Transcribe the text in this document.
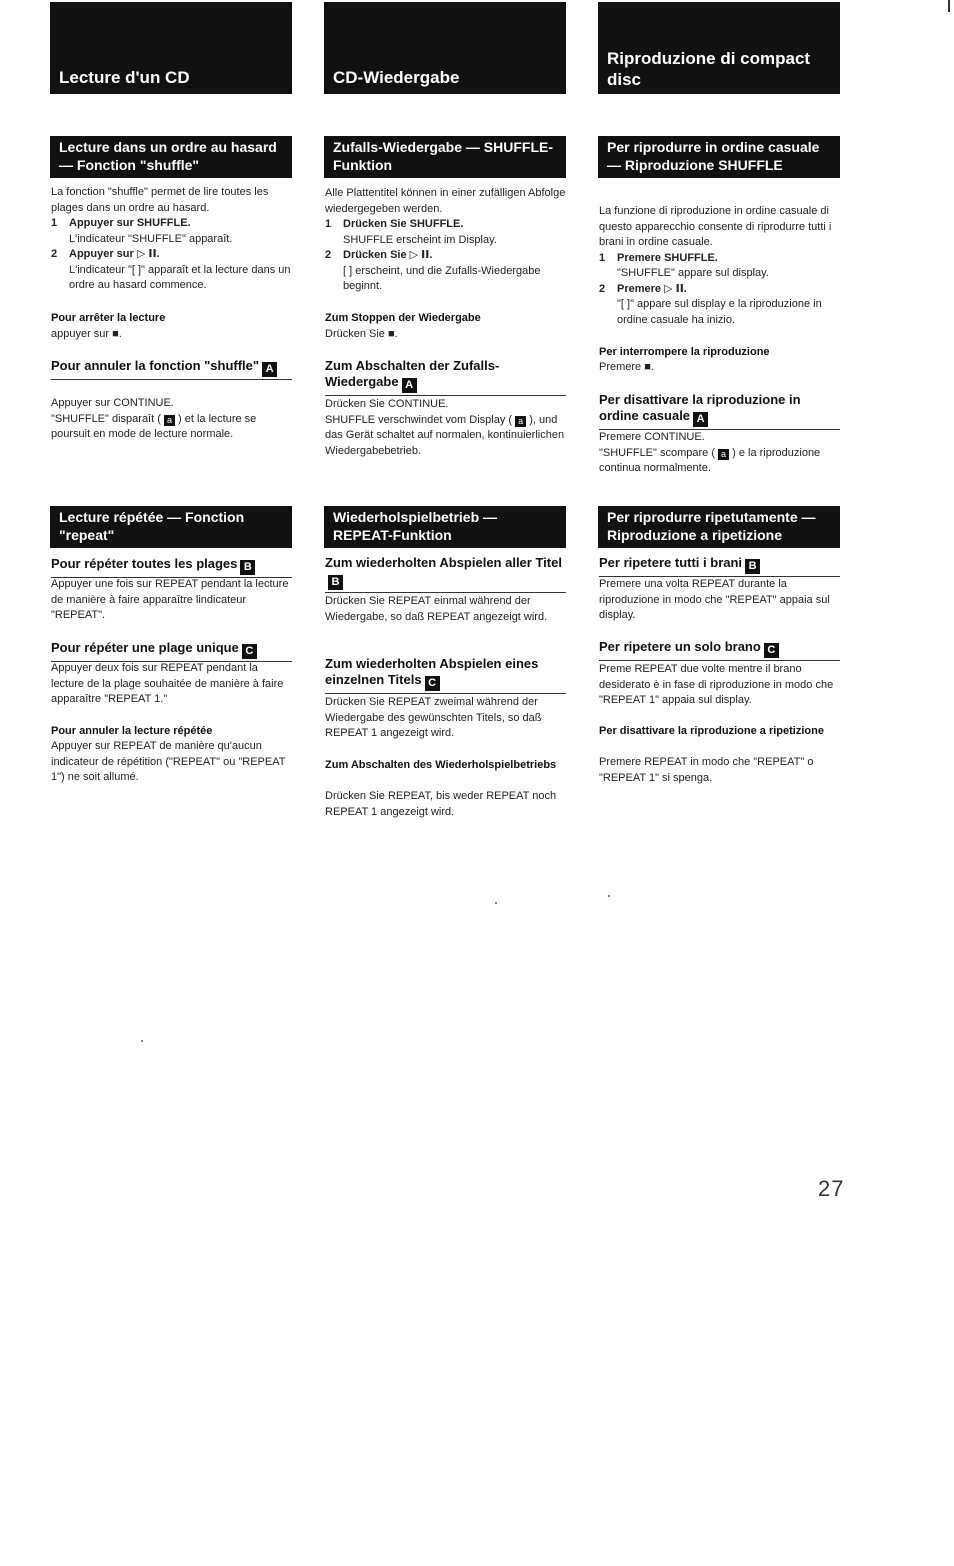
Lecture d'un CD
Lecture dans un ordre au hasard — Fonction "shuffle"

La fonction "shuffle" permet de lire toutes les plages dans un ordre au hasard.

1 Appuyer sur SHUFFLE.

L'indicateur "SHUFFLE" apparaît.

2 Appuyer sur ▷ ⅠⅠ.

L'indicateur "[ ]" apparaît et la lecture dans un ordre au hasard commence.

Pour arrêter la lecture
appuyer sur ■.
Pour annuler la fonction "shuffle" A

Appuyer sur CONTINUE.

"SHUFFLE" disparaît ( a ) et la lecture se poursuit en mode de lecture normale.

Lecture répétée — Fonction "repeat"
Pour répéter toutes les plages B
Appuyer une fois sur REPEAT pendant la lecture de manière à faire apparaître lindicateur "REPEAT".
Pour répéter une plage unique C
Appuyer deux fois sur REPEAT pendant la lecture de la plage souhaitée de manière à faire apparaître "REPEAT 1."
Pour annuler la lecture répétée
Appuyer sur REPEAT de manière qu'aucun indicateur de répétition ("REPEAT" ou "REPEAT 1") ne soit allumé.
CD-Wiedergabe
Zufalls-Wiedergabe — SHUFFLE-Funktion

Alle Plattentitel können in einer zufälligen Abfolge wiedergegeben werden.

1 Drücken Sie SHUFFLE.

SHUFFLE erscheint im Display.

2 Drücken Sie ▷ ⅠⅠ.

[ ] erscheint, und die Zufalls-Wiedergabe beginnt.

Zum Stoppen der Wiedergabe
Drücken Sie ■.
Zum Abschalten der Zufalls-Wiedergabe A

Drücken Sie CONTINUE.

SHUFFLE verschwindet vom Display ( a ), und das Gerät schaltet auf normalen, kontinuierlichen Wiedergabebetrieb.

Wiederholspielbetrieb — REPEAT-Funktion
Zum wiederholten Abspielen aller TitelB
Drücken Sie REPEAT einmal während der Wiedergabe, so daß REPEAT angezeigt wird.
Zum wiederholten Abspielen eines einzelnen Titels C
Drücken Sie REPEAT zweimal während der Wiedergabe des gewünschten Titels, so daß REPEAT 1 angezeigt wird.
Zum Abschalten des Wiederholspielbetriebs
Drücken Sie REPEAT, bis weder REPEAT noch REPEAT 1 angezeigt wird.
Riproduzione di compact disc
Per riprodurre in ordine casuale — Riproduzione SHUFFLE

La funzione di riproduzione in ordine casuale di questo apparecchio consente di riprodurre tutti i brani in ordine casuale.

1 Premere SHUFFLE.

"SHUFFLE" appare sul display.

2 Premere ▷ ⅠⅠ.

"[ ]" appare sul display e la riproduzione in ordine casuale ha inizio.

Per interrompere la riproduzione
Premere ■.
Per disattivare la riproduzione in ordine casuale A

Premere CONTINUE.

"SHUFFLE" scompare ( a ) e la riproduzione continua normalmente.

Per riprodurre ripetutamente — Riproduzione a ripetizione
Per ripetere tutti i brani B
Premere una volta REPEAT durante la riproduzione in modo che "REPEAT" appaia sul display.
Per ripetere un solo brano C
Preme REPEAT due volte mentre il brano desiderato è in fase di riproduzione in modo che "REPEAT 1" appaia sul display.
Per disattivare la riproduzione a ripetizione
Premere REPEAT in modo che "REPEAT" o "REPEAT 1" si spenga.
27
